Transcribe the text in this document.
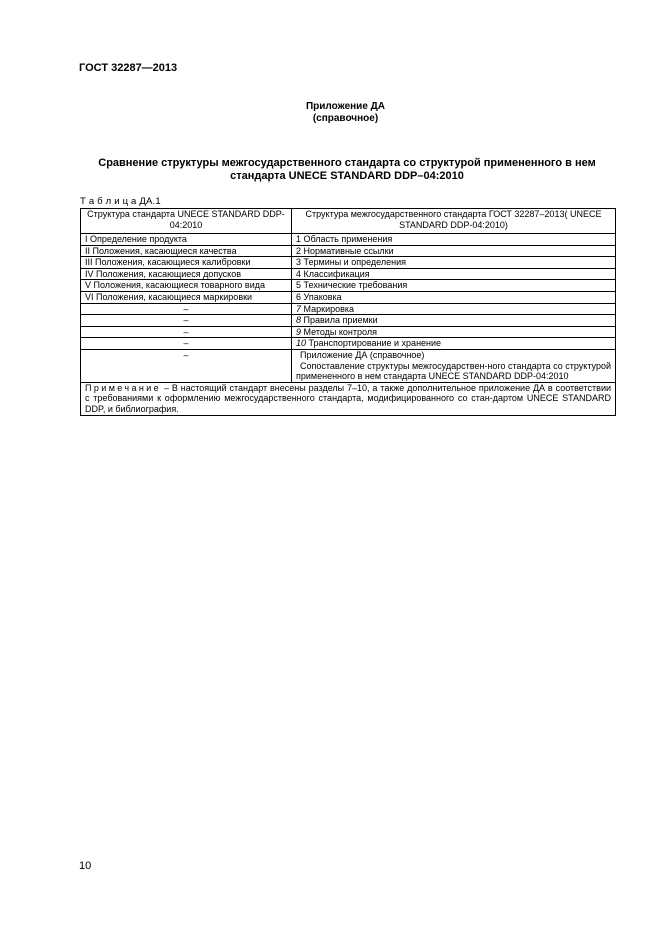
ГОСТ 32287—2013
Приложение ДА
(справочное)
Сравнение структуры межгосударственного стандарта со структурой примененного в нем стандарта UNECE STANDARD DDP–04:2010
Т а б л и ц а ДА.1
Структура стандарта UNECE STANDARD DDP-04:2010	Структура межгосударственного стандарта ГОСТ 32287–2013( UNECE STANDARD DDP-04:2010)
I Определение продукта	1 Область применения
II Положения, касающиеся качества	2 Нормативные ссылки
III Положения, касающиеся калибровки	3 Термины и определения
IV Положения, касающиеся допусков	4 Классификация
V Положения, касающиеся товарного вида	5 Технические требования
VI Положения, касающиеся маркировки	6 Упаковка
–	7 Маркировка
–	8 Правила приемки
–	9 Методы контроля
–	10 Транспортирование и хранение
–	Приложение ДА (справочное)
Сопоставление структуры межгосударствен-ного стандарта со структурой примененного в нем стандарта UNECE STANDARD DDP-04:2010

Примечание – В настоящий стандарт внесены разделы 7–10, а также дополнительное приложение ДА в соответствии с требованиями к оформлению межгосударственного стандарта, модифицированного со стан-дартом UNECE STANDARD DDP, и библиография.	
10
